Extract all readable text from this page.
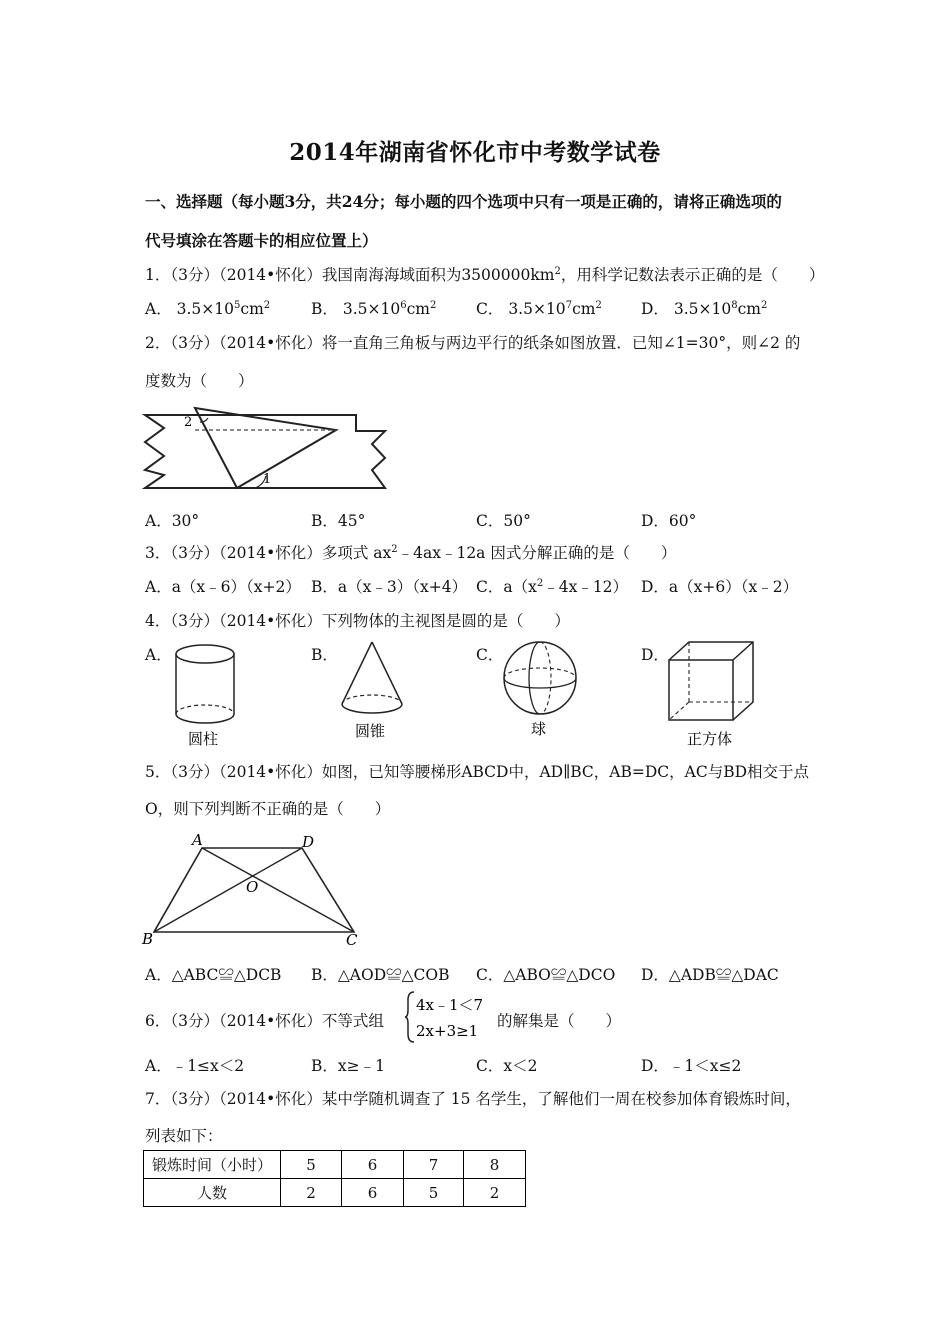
2014年湖南省怀化市中考数学试卷
一、选择题（每小题3分，共24分；每小题的四个选项中只有一项是正确的，请将正确选项的
代号填涂在答题卡的相应位置上）
1．（3分）（2014•怀化）我国南海海域面积为$3500000km^2$，用科学记数法表示正确的是（　　）
A． $3.5\times 10^5cm^2$	B． $3.5\times 10^6cm^2$	C． $3.5\times 10^7cm^2$	D． $3.5\times 10^8cm^2$
2．（3分）（2014•怀化）将一直角三角板与两边平行的纸条如图放置．已知∠1=30°，则∠2 的
度数为（　　）
1
2
A．30°	B．45°	C．50°	D．60°
3．（3分）（2014•怀化）多项式 $ax^2﹣4ax﹣12a$ 因式分解正确的是（　　）
A．a（x﹣6）（x+2） B．a（x﹣3）（x+4） C．$a(x^2﹣4x﹣12)$ D．a（x+6）（x﹣2）
4．（3分）（2014•怀化）下列物体的主视图是圆的是（　　）
A．
圆柱
B．
圆锥
C．
球
D．
正方体
5．（3分）（2014•怀化）如图，已知等腰梯形ABCD中，AD∥BC，AB=DC，AC与BD相交于点
O，则下列判断不正确的是（　　）
A	D
B	C
O
A．△ABC≌△DCB B．△AOD≌△COB C．△ABO≌△DCO D．△ADB≌△DAC
6．（3分）（2014•怀化）不等式组
4x﹣1＜7
2x+3≥1
的解集是（　　）
A．﹣1≤x＜2	B．x≥﹣1	C．x＜2	D．﹣1＜x≤2
7．（3分）（2014•怀化）某中学随机调查了 15 名学生，了解他们一周在校参加体育锻炼时间，
列表如下：
锻炼时间（小时）	5	6	7	8
人数	2	6	5	2
